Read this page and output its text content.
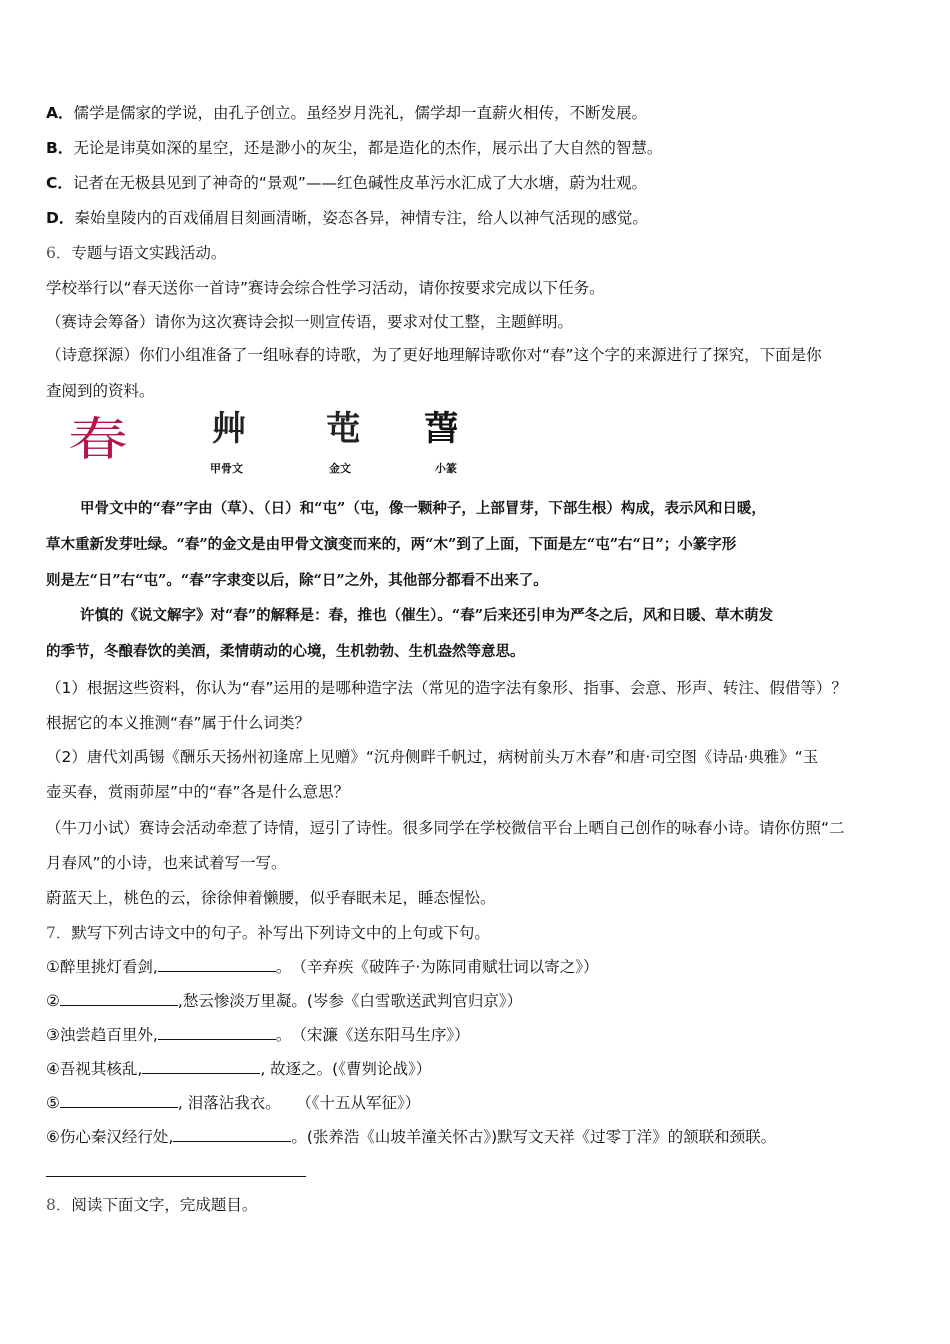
A．儒学是儒家的学说，由孔子创立。虽经岁月洗礼，儒学却一直薪火相传，不断发展。
B．无论是讳莫如深的星空，还是渺小的灰尘，都是造化的杰作，展示出了大自然的智慧。
C．记者在无极县见到了神奇的“景观”——红色碱性皮革污水汇成了大水塘，蔚为壮观。
D．秦始皇陵内的百戏俑眉目刻画清晰，姿态各异，神情专注，给人以神气活现的感觉。
6．专题与语文实践活动。
学校举行以“春天送你一首诗”赛诗会综合性学习活动，请你按要求完成以下任务。
（赛诗会筹备）请你为这次赛诗会拟一则宣传语，要求对仗工整，主题鲜明。
（诗意探源）你们小组准备了一组咏春的诗歌，为了更好地理解诗歌你对“春”这个字的来源进行了探究，下面是你
查阅到的资料。
春 艸 芚 萅
甲骨文	金文	小篆
甲骨文中的“春”字由（草）、（日）和“屯”（屯，像一颗种子，上部冒芽，下部生根）构成，表示风和日暖，
草木重新发芽吐绿。“春”的金文是由甲骨文演变而来的，两“木”到了上面，下面是左“屯”右“日”；小篆字形
则是左“日”右“屯”。“春”字隶变以后，除“日”之外，其他部分都看不出来了。
许慎的《说文解字》对“春”的解释是：春，推也（催生）。“春”后来还引申为严冬之后，风和日暖、草木萌发
的季节，冬酿春饮的美酒，柔情萌动的心境，生机勃勃、生机盎然等意思。
（1）根据这些资料，你认为“春”运用的是哪种造字法（常见的造字法有象形、指事、会意、形声、转注、假借等）？
根据它的本义推测“春”属于什么词类？
（2）唐代刘禹锡《酬乐天扬州初逢席上见赠》“沉舟侧畔千帆过，病树前头万木春”和唐·司空图《诗品·典雅》“玉
壶买春，赏雨茆屋”中的“春”各是什么意思？
（牛刀小试）赛诗会活动牵惹了诗情，逗引了诗性。很多同学在学校微信平台上晒自己创作的咏春小诗。请你仿照“二
月春风”的小诗，也来试着写一写。
蔚蓝天上，桃色的云，徐徐伸着懒腰，似乎春眠未足，睡态惺忪。
7．默写下列古诗文中的句子。补写出下列诗文中的上句或下句。
①醉里挑灯看剑,	。　（辛弃疾《破阵子·为陈同甫赋壮词以寄之》）
②	,愁云惨淡万里凝。(岑参《白雪歌送武判官归京》）
③浊尝趋百里外,	。　（宋濂《送东阳马生序》）
④吾视其核乱,	, 故逐之。(《曹刿论战》）
⑤	, 泪落沾我衣。　　（《十五从军征》）
⑥伤心秦汉经行处,	。(张养浩《山坡羊潼关怀古》)默写文天祥《过零丁洋》的颔联和颈联。
8．阅读下面文字，完成题目。
